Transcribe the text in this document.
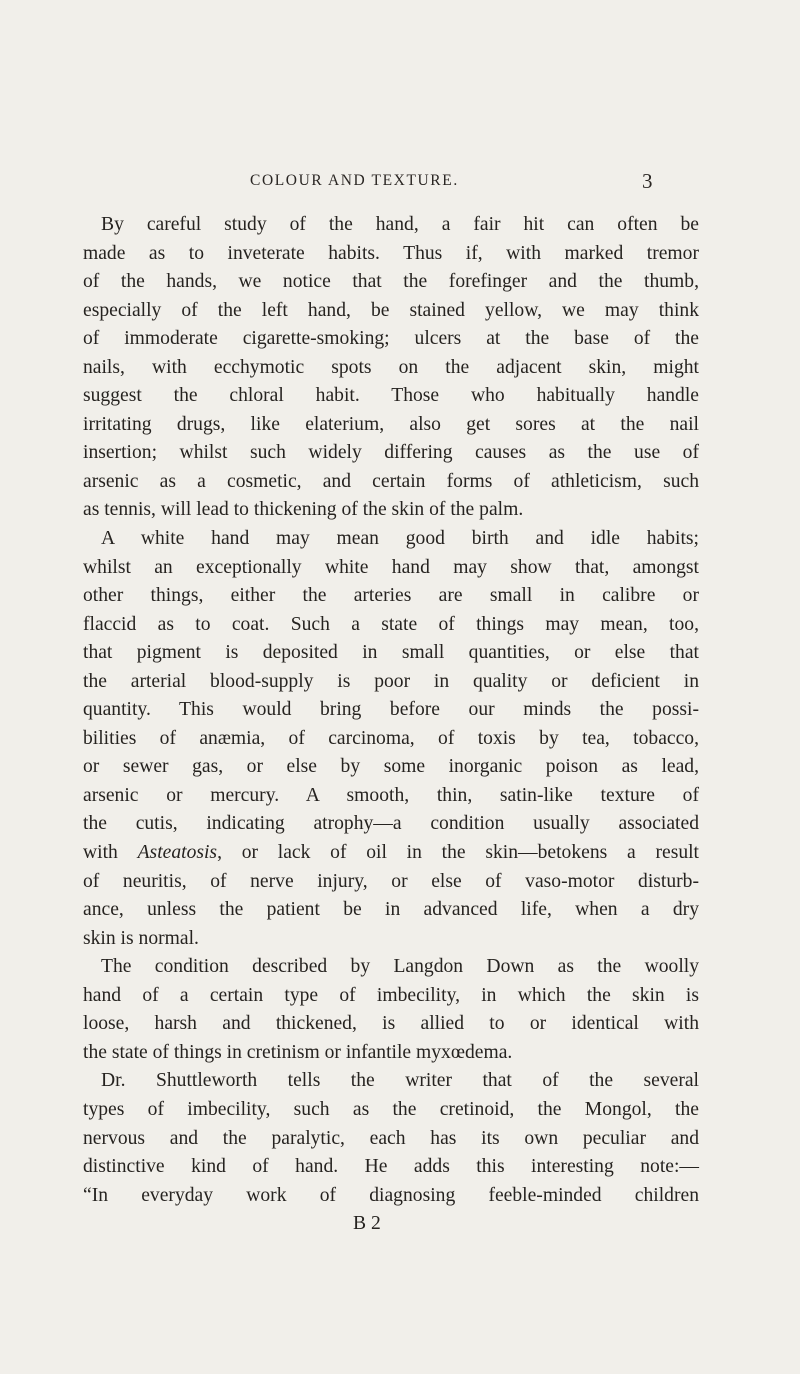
COLOUR AND TEXTURE.	3
By careful study of the hand, a fair hit can often be
made as to inveterate habits. Thus if, with marked tremor
of the hands, we notice that the forefinger and the thumb,
especially of the left hand, be stained yellow, we may think
of immoderate cigarette-smoking; ulcers at the base of the
nails, with ecchymotic spots on the adjacent skin, might
suggest the chloral habit. Those who habitually handle
irritating drugs, like elaterium, also get sores at the nail
insertion; whilst such widely differing causes as the use of
arsenic as a cosmetic, and certain forms of athleticism, such
as tennis, will lead to thickening of the skin of the palm.
A white hand may mean good birth and idle habits;
whilst an exceptionally white hand may show that, amongst
other things, either the arteries are small in calibre or
flaccid as to coat. Such a state of things may mean, too,
that pigment is deposited in small quantities, or else that
the arterial blood-supply is poor in quality or deficient in
quantity. This would bring before our minds the possi-
bilities of anæmia, of carcinoma, of toxis by tea, tobacco,
or sewer gas, or else by some inorganic poison as lead,
arsenic or mercury. A smooth, thin, satin-like texture of
the cutis, indicating atrophy—a condition usually associated
with Asteatosis, or lack of oil in the skin—betokens a result
of neuritis, of nerve injury, or else of vaso-motor disturb-
ance, unless the patient be in advanced life, when a dry
skin is normal.
The condition described by Langdon Down as the woolly
hand of a certain type of imbecility, in which the skin is
loose, harsh and thickened, is allied to or identical with
the state of things in cretinism or infantile myxœdema.
Dr. Shuttleworth tells the writer that of the several
types of imbecility, such as the cretinoid, the Mongol, the
nervous and the paralytic, each has its own peculiar and
distinctive kind of hand. He adds this interesting note:—
“In everyday work of diagnosing feeble-minded children
B 2
